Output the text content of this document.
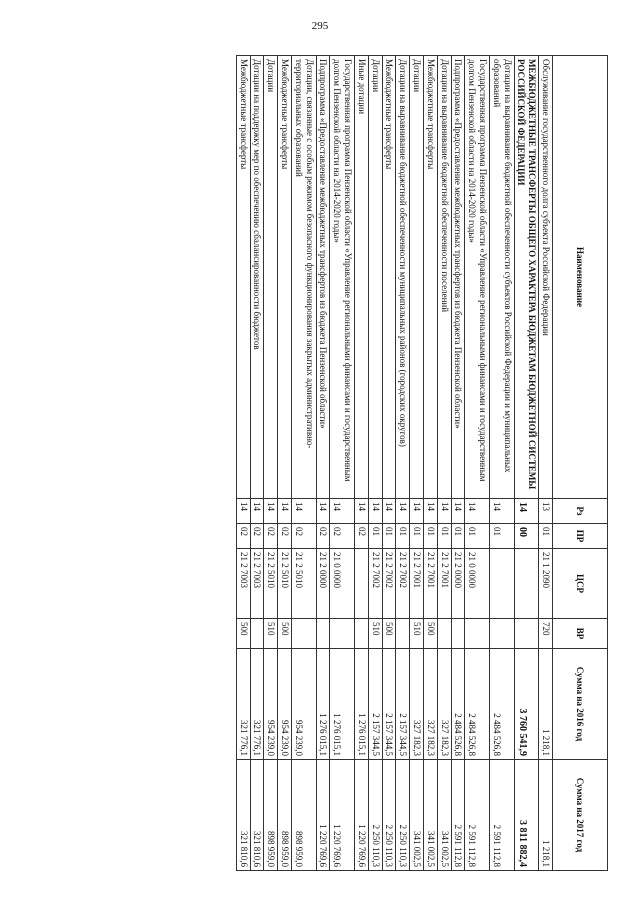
295
Наименование	Рз	ПР	ЦСР	ВР	Сумма на 2016 год	Сумма на 2017 год
Обслуживание государственного долга субъекта Российской Федерации	13	01	21 1 2090	720	1 218,1	1 218,1
МЕЖБЮДЖЕТНЫЕ ТРАНСФЕРТЫ ОБЩЕГО ХАРАКТЕРА БЮДЖЕТАМ БЮДЖЕТНОЙ СИСТЕМЫ РОССИЙСКОЙ ФЕДЕРАЦИИ	14	00			3 760 541,9	3 811 882,4
Дотации на выравнивание бюджетной обеспеченности субъектов Российской Федерации и муниципальных образований	14	01			2 484 526,8	2 591 112,8
Государственная программа Пензенской области «Управление региональными финансами и государственным долгом Пензенской области на 2014-2020 годы»	14	01	21 0 0000		2 484 526,8	2 591 112,8
Подпрограмма «Предоставление межбюджетных трансфертов из бюджета Пензенской области»	14	01	21 2 0000		2 484 526,8	2 591 112,8
Дотации на выравнивание бюджетной обеспеченности поселений	14	01	21 2 7001		327 182,3	341 002,5
Межбюджетные трансферты	14	01	21 2 7001	500	327 182,3	341 002,5
Дотации	14	01	21 2 7001	510	327 182,3	341 002,5
Дотации на выравнивание бюджетной обеспеченности муниципальных районов (городских округов)	14	01	21 2 7002		2 157 344,5	2 250 110,3
Межбюджетные трансферты	14	01	21 2 7002	500	2 157 344,5	2 250 110,3
Дотации	14	01	21 2 7002	510	2 157 344,5	2 250 110,3
Иные дотации	14	02			1 276 015,1	1 220 769,6
Государственная программа Пензенской области «Управление региональными финансами и государственным долгом Пензенской области на 2014-2020 годы»	14	02	21 0 0000		1 276 015,1	1 220 769,6
Подпрограмма «Предоставление межбюджетных трансфертов из бюджета Пензенской области»	14	02	21 2 0000		1 276 015,1	1 220 769,6
Дотации, связанные с особым режимом безопасного функционирования закрытых административно-территориальных образований	14	02	21 2 5010		954 239,0	898 959,0
Межбюджетные трансферты	14	02	21 2 5010	500	954 239,0	898 959,0
Дотации	14	02	21 2 5010	510	954 239,0	898 959,0
Дотации на поддержку мер по обеспечению сбалансированности бюджетов	14	02	21 2 7003		321 776,1	321 810,6
Межбюджетные трансферты	14	02	21 2 7003	500	321 776,1	321 810,6
